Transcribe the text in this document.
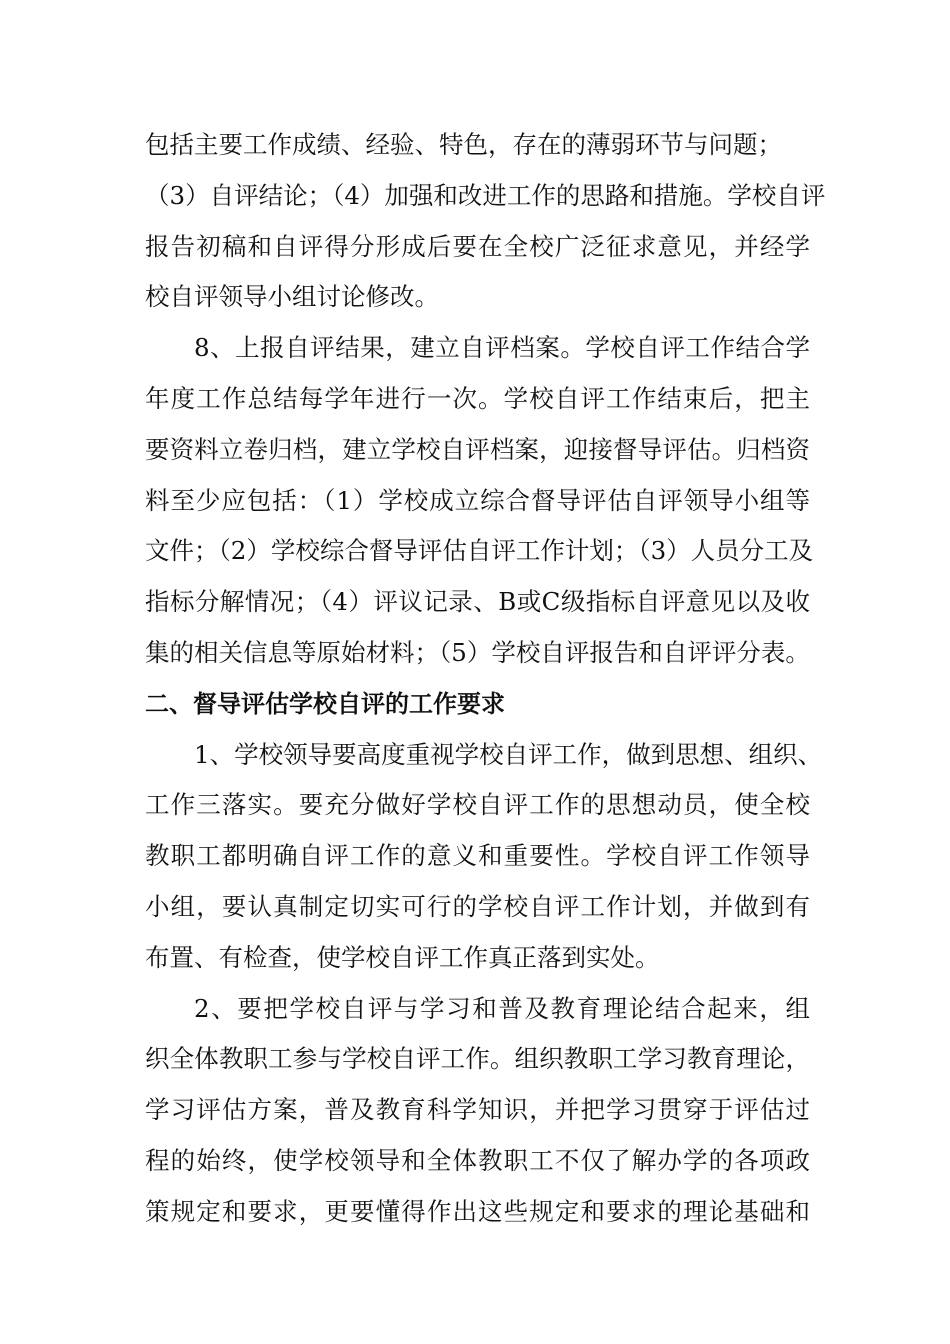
包括主要工作成绩、经验、特色，存在的薄弱环节与问题；
（3）自评结论；（4）加强和改进工作的思路和措施。学校自评
报告初稿和自评得分形成后要在全校广泛征求意见，并经学
校自评领导小组讨论修改。
8、上报自评结果，建立自评档案。学校自评工作结合学
年度工作总结每学年进行一次。学校自评工作结束后，把主
要资料立卷归档，建立学校自评档案，迎接督导评估。归档资
料至少应包括：（1）学校成立综合督导评估自评领导小组等
文件；（2）学校综合督导评估自评工作计划；（3）人员分工及
指标分解情况；（4）评议记录、B或C级指标自评意见以及收
集的相关信息等原始材料；（5）学校自评报告和自评评分表。
二、督导评估学校自评的工作要求
1、学校领导要高度重视学校自评工作，做到思想、组织、
工作三落实。要充分做好学校自评工作的思想动员，使全校
教职工都明确自评工作的意义和重要性。学校自评工作领导
小组，要认真制定切实可行的学校自评工作计划，并做到有
布置、有检查，使学校自评工作真正落到实处。
2、要把学校自评与学习和普及教育理论结合起来，组
织全体教职工参与学校自评工作。组织教职工学习教育理论，
学习评估方案，普及教育科学知识，并把学习贯穿于评估过
程的始终，使学校领导和全体教职工不仅了解办学的各项政
策规定和要求，更要懂得作出这些规定和要求的理论基础和
